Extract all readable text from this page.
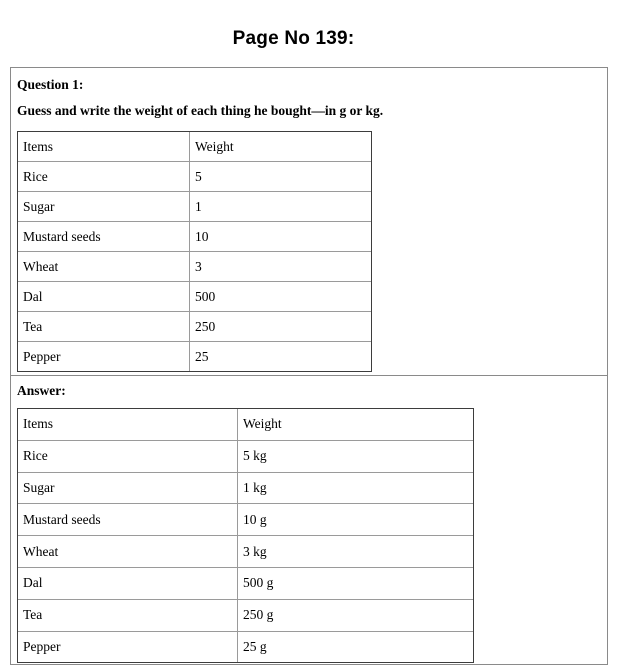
Page No 139:
Question 1:
Guess and write the weight of each thing he bought—in g or kg.
Items	Weight
Rice	5
Sugar	1
Mustard seeds	10
Wheat	3
Dal	500
Tea	250
Pepper	25
Answer:
Items	Weight
Rice	5 kg
Sugar	1 kg
Mustard seeds	10 g
Wheat	3 kg
Dal	500 g
Tea	250 g
Pepper	25 g
